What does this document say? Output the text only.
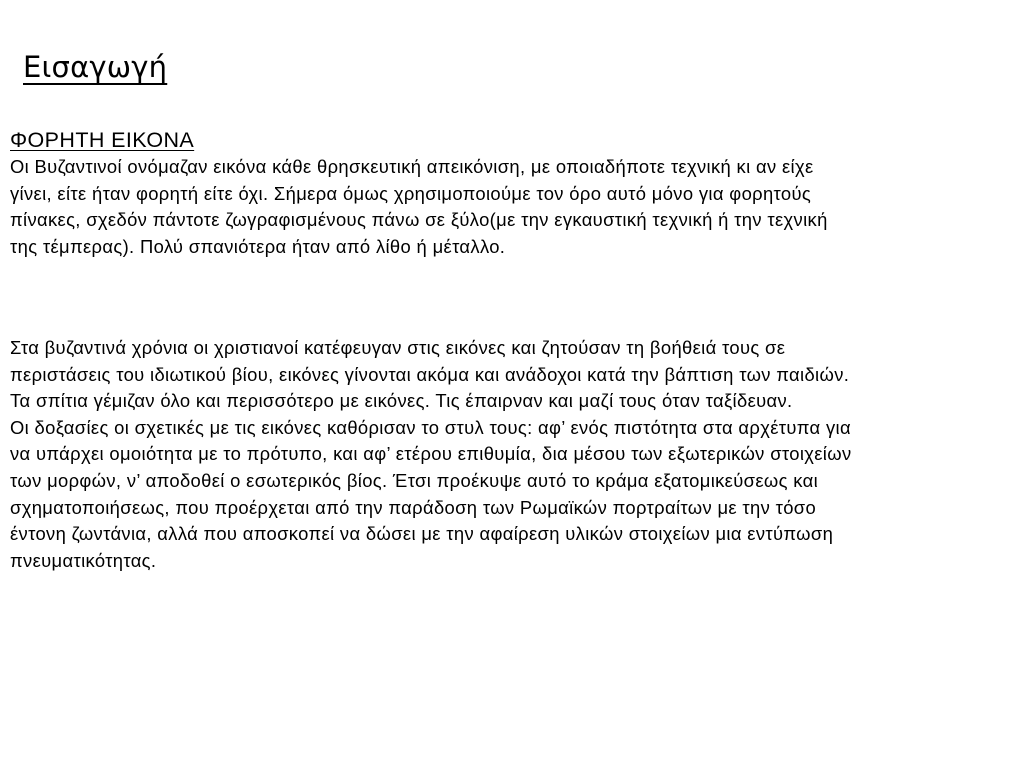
Εισαγωγή
ΦΟΡΗΤΗ ΕΙΚΟΝΑ
Οι Βυζαντινοί ονόμαζαν εικόνα κάθε θρησκευτική απεικόνιση, με οποιαδήποτε τεχνική κι αν είχε
γίνει, είτε ήταν φορητή είτε όχι. Σήμερα όμως χρησιμοποιούμε τον όρο αυτό μόνο για φορητούς
πίνακες, σχεδόν πάντοτε ζωγραφισμένους πάνω σε ξύλο(με την εγκαυστική τεχνική ή την τεχνική
της τέμπερας). Πολύ σπανιότερα ήταν από λίθο ή μέταλλο.
Στα βυζαντινά χρόνια οι χριστιανοί κατέφευγαν στις εικόνες και ζητούσαν τη βοήθειά τους σε
περιστάσεις του ιδιωτικού βίου, εικόνες γίνονται ακόμα και ανάδοχοι κατά την βάπτιση των παιδιών.
Τα σπίτια γέμιζαν όλο και περισσότερο με εικόνες. Τις έπαιρναν και μαζί τους όταν ταξίδευαν.
Οι δοξασίες οι σχετικές με τις εικόνες καθόρισαν το στυλ τους: αφ’ ενός πιστότητα στα αρχέτυπα για
να υπάρχει ομοιότητα με το πρότυπο, και αφ’ ετέρου επιθυμία, δια μέσου των εξωτερικών στοιχείων
των μορφών, ν’ αποδοθεί ο εσωτερικός βίος. Έτσι προέκυψε αυτό το κράμα εξατομικεύσεως και
σχηματοποιήσεως, που προέρχεται από την παράδοση των Ρωμαϊκών πορτραίτων με την τόσο
έντονη ζωντάνια, αλλά που αποσκοπεί να δώσει με την αφαίρεση υλικών στοιχείων μια εντύπωση
πνευματικότητας.
